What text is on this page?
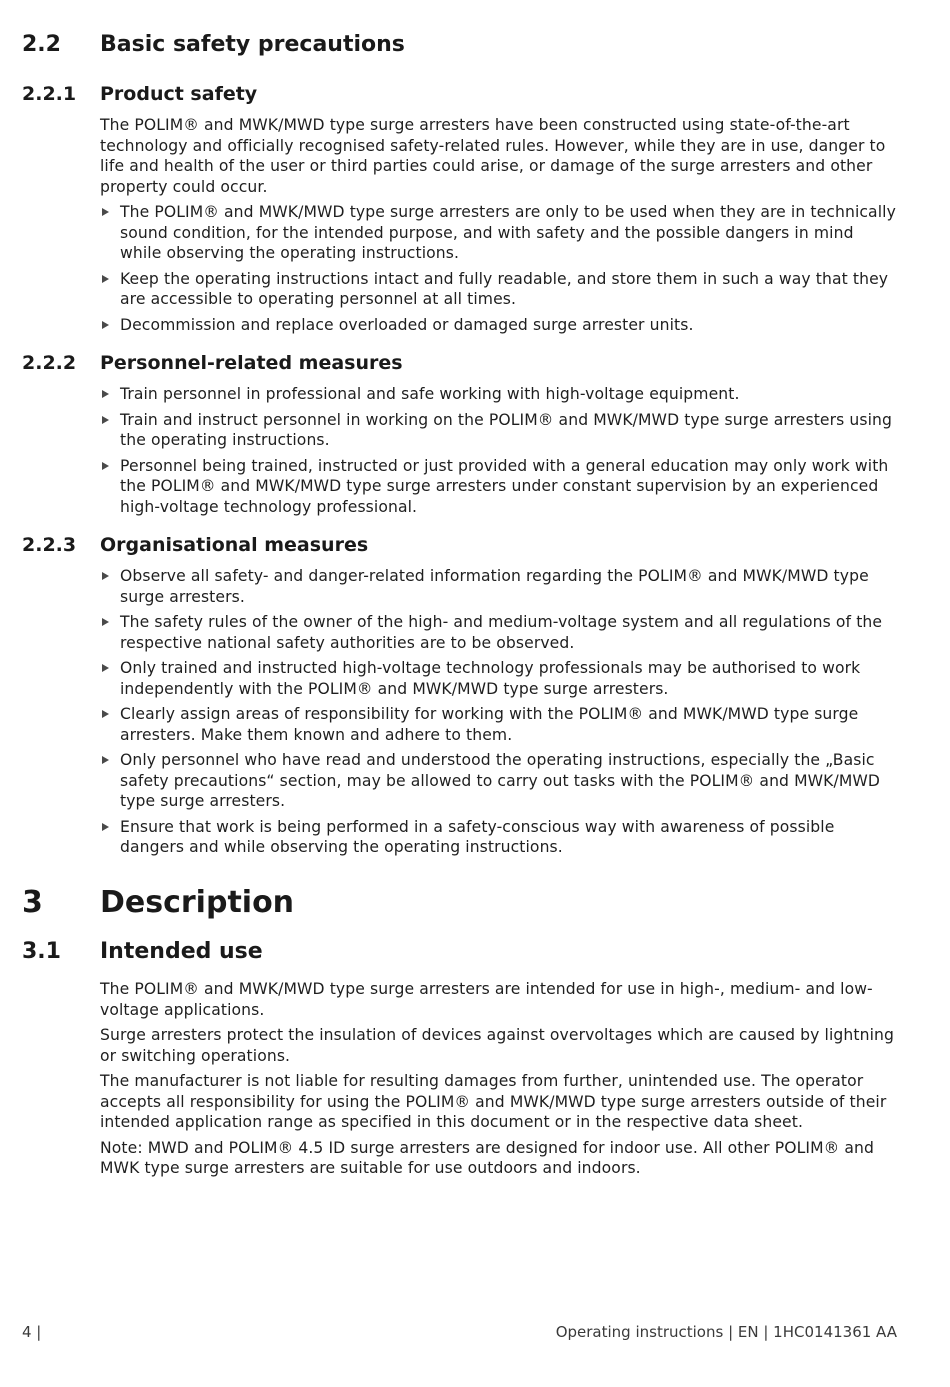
2.2 Basic safety precautions
2.2.1 Product safety

The POLIM® and MWK/MWD type surge arresters have been constructed using state-of-the-art technology and officially recognised safety-related rules. However, while they are in use, danger to life and health of the user or third parties could arise, or damage of the surge arresters and other property could occur.

The POLIM® and MWK/MWD type surge arresters are only to be used when they are in technically sound condition, for the intended purpose, and with safety and the possible dangers in mind while observing the operating instructions.
Keep the operating instructions intact and fully readable, and store them in such a way that they are accessible to operating personnel at all times.
Decommission and replace overloaded or damaged surge arrester units.
2.2.2 Personnel-related measures
Train personnel in professional and safe working with high-voltage equipment.
Train and instruct personnel in working on the POLIM® and MWK/MWD type surge arresters using the operating instructions.
Personnel being trained, instructed or just provided with a general education may only work with the POLIM® and MWK/MWD type surge arresters under constant supervision by an experienced high-voltage technology professional.
2.2.3 Organisational measures
Observe all safety- and danger-related information regarding the POLIM® and MWK/MWD type surge arresters.
The safety rules of the owner of the high- and medium-voltage system and all regulations of the respective national safety authorities are to be observed.
Only trained and instructed high-voltage technology professionals may be authorised to work independently with the POLIM® and MWK/MWD type surge arresters.
Clearly assign areas of responsibility for working with the POLIM® and MWK/MWD type surge arresters. Make them known and adhere to them.
Only personnel who have read and understood the operating instructions, especially the „Basic safety precautions“ section, may be allowed to carry out tasks with the POLIM® and MWK/MWD type surge arresters.
Ensure that work is being performed in a safety-conscious way with awareness of possible dangers and while observing the operating instructions.
3 Description
3.1 Intended use

The POLIM® and MWK/MWD type surge arresters are intended for use in high-, medium- and low-voltage applications.

Surge arresters protect the insulation of devices against overvoltages which are caused by lightning or switching operations.

The manufacturer is not liable for resulting damages from further, unintended use. The operator accepts all responsibility for using the POLIM® and MWK/MWD type surge arresters outside of their intended application range as specified in this document or in the respective data sheet.

Note: MWD and POLIM® 4.5 ID surge arresters are designed for indoor use. All other POLIM® and MWK type surge arresters are suitable for use outdoors and indoors.

4 |	Operating instructions | EN | 1HC0141361 AA
